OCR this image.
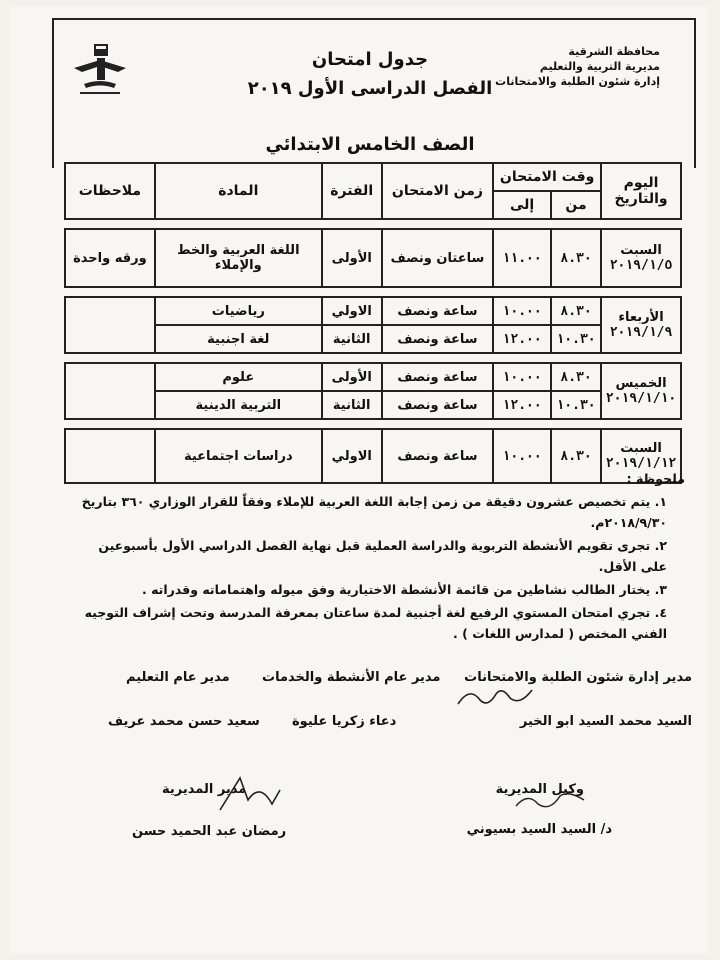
محافظة الشرقية
مديرية التربية والتعليم
إدارة شئون الطلبة والامتحانات
جدول امتحان
الفصل الدراسى الأول ٢٠١٩
الصف الخامس الابتدائي
اليوم والتاريخ	وقت الامتحان		زمن الامتحان	الفترة	المادة	ملاحظات
	من	إلى				

السبت
٢٠١٩/١/٥	٨.٣٠	١١.٠٠	ساعتان ونصف	الأولى	اللغة العربية والخط والإملاء	ورقه واحدة

الأربعاء
٢٠١٩/١/٩	٨.٣٠	١٠.٠٠	ساعة ونصف	الاولي	رياضيات	
	١٠.٣٠	١٢.٠٠	ساعة ونصف	الثانية	لغة اجنبية	

الخميس
٢٠١٩/١/١٠	٨.٣٠	١٠.٠٠	ساعة ونصف	الأولى	علوم	
	١٠.٣٠	١٢.٠٠	ساعة ونصف	الثانية	التربية الدينية	

السبت
٢٠١٩/١/١٢	٨.٣٠	١٠.٠٠	ساعة ونصف	الاولي	دراسات اجتماعية	
ملحوظة :
١. يتم تخصيص عشرون دقيقة من زمن إجابة اللغة العربية للإملاء وفقاً للقرار الوزاري ٣٦٠ بتاريخ ٢٠١٨/٩/٣٠م.
٢. تجرى تقويم الأنشطة التربوية والدراسة العملية قبل نهاية الفصل الدراسي الأول بأسبوعين على الأقل.
٣. يختار الطالب نشاطين من قائمة الأنشطة الاختيارية وفق ميوله واهتماماته وقدراته .
٤. تجري امتحان المستوي الرفيع لغة أجنبية لمدة ساعتان بمعرفة المدرسة وتحت إشراف التوجيه الفني المختص ( لمدارس اللغات ) .
مدير إدارة شئون الطلبة والامتحانات
السيد محمد السيد ابو الخير
مدير عام الأنشطة والخدمات
دعاء زكريا عليوة
مدير عام التعليم
سعيد حسن محمد عريف
وكيل المديرية
د/ السيد السيد بسيوني
مدير المديرية
رمضان عبد الحميد حسن
